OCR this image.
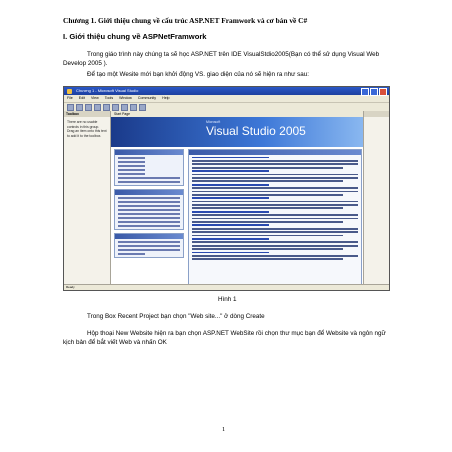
Chương 1. Giới thiệu chung về cấu trúc ASP.NET Framwork và cơ bản về C#
I. Giới thiệu chung về ASPNetFramwork
Trong giáo trình này chúng ta sẽ học ASP.NET trên IDE VisualStdio2005(Bạn có thể sử dụng Visual Web Develop 2005 ).
Để tạo một Wesite mới bạn khởi động VS. giao diện của nó sẽ hiện ra như sau:
Chương 1 - Microsoft Visual Studio
File Edit View Tools Window Community Help
Toolbox
There are no usable controls in this group. Drag an item onto this text to add it to the toolbox.
Start Page
Microsoft
Visual Studio 2005
Ready
Hình 1
Trong Box Recent Project bạn chọn "Web site..." ở dòng Create
Hộp thoại New Website hiện ra bạn chọn ASP.NET WebSite rồi chọn thư mục bạn để Website và ngôn ngữ kịch bản để bắt viết Web và nhấn OK
1
